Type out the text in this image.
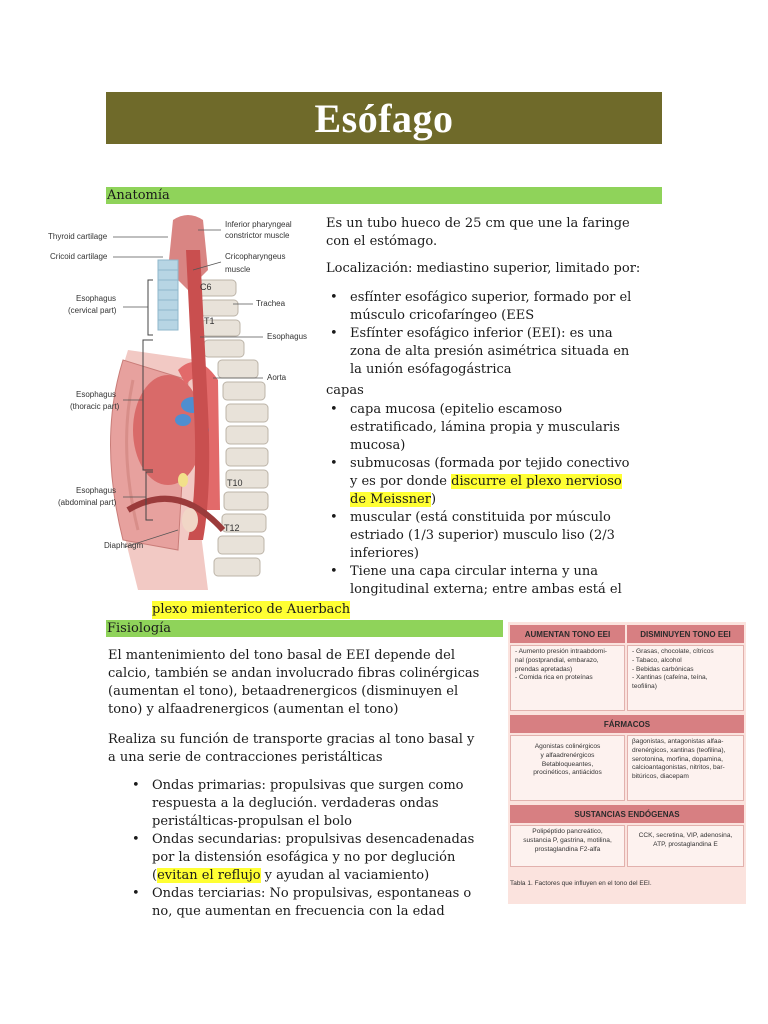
Esófago
Anatomía
Thyroid cartilage
Cricoid cartilage
Esophagus
(cervical part)
Esophagus
(thoracic part)
Esophagus
(abdominal part)
Diaphragm
Inferior pharyngeal
constrictor muscle
Cricopharyngeus
muscle
C6
T1
Trachea
Esophagus
Aorta
T10
T12
Es un tubo hueco de 25 cm que une la faringe
con el estómago.
Localización: mediastino superior, limitado por:
• esfínter esofágico superior, formado por el
músculo cricofaríngeo (EES
• Esfínter esofágico inferior (EEI): es una
zona de alta presión asimétrica situada en
la unión esófagogástrica
capas
• capa mucosa (epitelio escamoso
estratificado, lámina propia y muscularis
mucosa)
• submucosas (formada por tejido conectivo
y es por donde discurre el plexo nervioso
de Meissner)
• muscular (está constituida por músculo
estriado (1/3 superior) musculo liso (2/3
inferiores)
• Tiene una capa circular interna y una
longitudinal externa; entre ambas está el
plexo mienterico de Auerbach
Fisiología
El mantenimiento del tono basal de EEI depende del
calcio, también se andan involucrado fibras colinérgicas
(aumentan el tono), betaadrenergicos (disminuyen el
tono) y alfaadrenergicos (aumentan el tono)
Realiza su función de transporte gracias al tono basal y
a una serie de contracciones peristálticas
• Ondas primarias: propulsivas que surgen como
respuesta a la deglución. verdaderas ondas
peristálticas-propulsan el bolo
• Ondas secundarias: propulsivas desencadenadas
por la distensión esofágica y no por deglución
(evitan el reflujo y ayudan al vaciamiento)
• Ondas terciarias: No propulsivas, espontaneas o
no, que aumentan en frecuencia con la edad
AUMENTAN TONO EEI	DISMINUYEN TONO EEI
- Aumento presión intraabdomi-
nal (postprandial, embarazo,
prendas apretadas)
- Comida rica en proteínas
- Grasas, chocolate, cítricos
- Tabaco, alcohol
- Bebidas carbónicas
- Xantinas (cafeína, teína,
teofilina)
FÁRMACOS
Agonistas colinérgicos
y alfaadrenérgicos
Betabloqueantes,
procinéticos, antiácidos
βagonistas, antagonistas alfaa-
drenérgicos, xantinas (teofilina),
serotonina, morfina, dopamina,
calcioantagonistas, nitritos, bar-
bitúricos, diacepam
SUSTANCIAS ENDÓGENAS
Polipéptido pancreático,
sustancia P, gastrina, motilina,
prostaglandina F2-alfa
CCK, secretina, VIP, adenosina,
ATP, prostaglandina E
Tabla 1. Factores que influyen en el tono del EEI.
